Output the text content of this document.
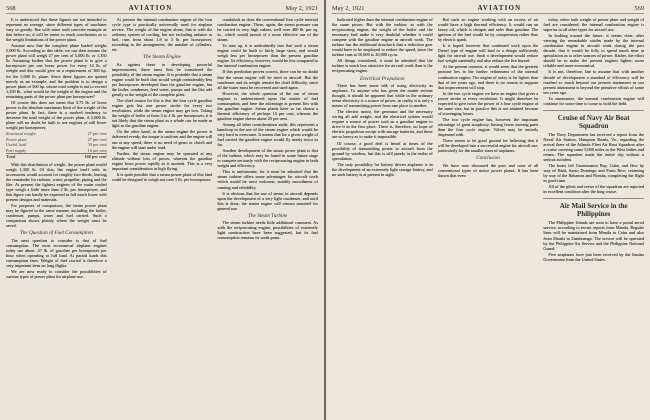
568	AVIATION	May 2, 1921

It is understood that these figures are not intended to represent an average, since different types of machines vary so greatly. But with some such concrete example as this before us, it will be easier to reach conclusions as to the weight limitations of the power plant.

Assume now that the complete plane loaded weighs 5,000 lb. According to this table, we can then assume the power plant will weigh 27 per cent of 5,000 lb. or 1,350 lb. Assuming further that the power plant is to give a horsepower per one horse power for every 14 lb. of weight and this would give us a requirement of 360 hp. for the 5,000 lb. plane. Since these figures are quoted merely as an example, and the problem is to design a power plant of 360 hp. whose total weight is not to exceed 1,350 lb., what would be the weight of the engine and the remaining parts of the power plant per horsepower?

Of course this does not mean that 3.75 lb. of horse power is the absolute maximum limit of the weight of the power plant. In fact, there is a marked tendency to decrease the total weight of the power plant. A 5,000 lb. plane will no doubt be built to use engines of still lower weight per horsepower.

Structural weight	27 per cent
Power plant	27 per cent
Useful load	30 per cent
Fuel supply	16 per cent
Total	100 per cent

With this distribution of weight, the power plant would weigh 1,350 lb. Of this, the engine itself with its accessories would account for roughly two-thirds, leaving the remainder for radiator, water, propeller, piping and the like. At present the lightest engines of the water cooled type weigh a little more than 2 lb. per horsepower, and this figure can hardly be expected to fall much lower with present designs and materials.

For purposes of comparison, the steam power plant may be figured in the same manner, including the boiler, condenser, pumps, water and fuel carried. Such a comparison shows plainly where the weight must be saved.

The Question of Fuel Consumption

The next question to consider is that of fuel consumption. The most economical airplane engines today use about .47 lb. of gasoline per horsepower per hour when operating at full load. At partial loads this consumption rises. Weight of fuel carried is therefore a very important item on long flights.

We are now ready to consider the possibilities of various types of power plant for airplane use.

At present the internal combustion engine of the four cycle type is practically universally used for airplane service. The weight of the engine alone, that is with the ordinary system of cooling, but not including radiator or fuel, runs from about 1.8 to 3 lb. per horsepower, according to the arrangement, the number of cylinders, etc.

The Steam Engine

As against these in developing powerful improvements, there must first be considered the possibility of the steam engine. It is probable that a steam engine could be built that would weigh considerably less per horsepower developed than the gasoline engine, but the boiler, condenser, feed water, pumps and the like add greatly to the weight of the complete plant.

The chief reason for this is that the four cycle gasoline engine gets but one power stroke for every two revolutions, while the steam engine may get two. Taking the weight of boiler at from 3 to 4 lb. per horsepower, it is not likely that the steam plant as a whole can be made as light as the gasoline engine.

On the other hand, in the steam engine the power is delivered evenly, the torque is uniform and the engine will run at any speed; there is no need of gears or clutch and the engine will start under load.

Further, the steam engine may be operated at any altitude without loss of power, whereas the gasoline engine loses power rapidly as it ascends. This is a very important consideration in high flying.

It is quite possible that a steam power plant of this kind could be designed to weigh not over 5 lb. per horsepower.

crankshaft as does the conventional four cycle internal combustion engine. There, again, the steam pressure can be carried to very high values, well over 400 lb. per sq. in., which would permit of a more effective use of the steam.

To sum up, it is undoubtedly true that such a steam engine could be built to fairly large sizes, and would weigh less per horsepower than the present gasoline engine. Its efficiency, however, would be low compared to the internal combustion engine.

If this prediction proves correct, there can be no doubt that the steam engine will be tried in aircraft. But the condenser and its weight remain the chief difficulty, since all the water must be recovered and used again.

However, the whole question of the use of steam engines is undetermined upon the matter of fuel consumption, and here the advantage at present lies with the gasoline engine. Steam plants have so far shown a thermal efficiency of perhaps 15 per cent, whereas the gasoline engine shows about 25 per cent.

Among all other considerations aside, this represents a handicap in the use of the steam engine which would be very hard to overcome. It means that for a given weight of fuel carried the gasoline engine would fly nearly twice as far.

Another development of the steam power plant is that of the turbine, which may be found in some future stage to compete seriously with the reciprocating engine in both weight and efficiency.

This is unfortunate, for it must be admitted that the steam turbine offers some advantages for aircraft work which would be most welcome, notably smoothness of running and reliability.

It is obvious that the use of steam in aircraft depends upon the development of a very light condenser, and until this is done, the steam engine will remain unsuited for general use.

The Steam Turbine

The steam turbine needs little additional comment. As with the reciprocating engine, possibilities of extremely light construction have been suggested, but its fuel consumption remains its weak point.

May 2, 1921	AVIATION	569

Indicated higher than the internal combustion engine of the same power. But with the turbine, as with the reciprocating engine, the weight of the boiler and the necessary fuel make it very doubtful whether it could compete with the gasoline engine in aircraft work. The turbine has the additional drawback that a reduction gear would have to be employed to reduce the speed, since the turbine runs at 10,000 to 20,000 r.p.m.

All things considered, it must be admitted that the turbine is much less attractive for aircraft work than is the reciprocating engine.

Electrical Propulsion

There has been some talk of using electricity in airplanes. To anyone who has given the matter serious thought, it should be apparent that while in the ordinary sense electricity is a source of power, in reality it is only a means of transmitting power from one place to another.

The electric motor, the generator and the necessary wiring all add weight, and the electrical system would require a source of power such as a gasoline engine to drive it in the first place. There is, therefore, no hope of electric propulsion except with storage batteries, and these are so heavy as to make it impossible.

Of course, a good deal is heard at times of the possibility of transmitting power to aircraft from the ground by wireless, but this is still purely in the realm of speculation.

The only possibility for battery driven airplanes is in the development of an extremely light storage battery, and no such battery is at present in sight.

But such an engine working with an excess of air would have a high thermal efficiency. It would run on heavy oil, which is cheaper and safer than gasoline. The ignition of the fuel would be by compression rather than by electric spark.

It is hoped however that continued work upon the Diesel type of engine will lead to a design sufficiently light for aircraft use. Such a development would reduce fuel weight materially and also reduce the fire hazard.

At the present moment, it would seem that the greatest promise lies in the further refinement of the internal combustion engine. The engine of today is far lighter than that of ten years ago, and there is no reason to suppose that improvement will stop.

In the two cycle engine we have an engine that gives a power stroke at every revolution. It might therefore be expected to give twice the power of a four cycle engine of the same size, but in practice this is not attained because of scavenging losses.

The two cycle engine has, however, the important advantage of great simplicity, having fewer moving parts than the four cycle engine. Valves may be entirely dispensed with.

There seems to be good ground for believing that it will be developed into a successful engine for aircraft use, particularly for the smaller sizes of airplanes.

Conclusion

We have now discussed the pros and cons of all conventional types of motor power plants. It has been shown that even

today, when both weight of power plant and weight of fuel are considered, the internal combustion engine is superior to all other types for aircraft use.

In looking toward the future, it seems clear, after viewing the remarkable strides made by the internal combustion engine in aircraft work during the past decade, that it would be folly to spend much time in speculation as to other sources of power. Rather, the effort should be to make the present engines lighter, more reliable and more economical.

It is not, therefore, fair to assume that with another decade of development a standard of efficiency will be reached so much beyond our present attainment as our present attainment is beyond the primitive efforts of some ten years ago.

To summarize, the internal combustion engine will continue for some time to come to hold the field.

Cruise of Navy Air Boat Squadron

The Navy Department has received a report from the Naval Air Station, Hampton Roads, Va., regarding the arrival there of the Atlantic Fleet Air Boat Squadron after a cruise covering some 5,000 miles to the West Indies and return. The squadron made the entire trip without a serious accident.

The boats left Guantanamo Bay, Cuba, and flew by way of Haiti, Santo Domingo and Porto Rico, returning by way of the Bahamas and Florida, completing the flight in good time.

All of the pilots and crews of the squadron are reported in excellent condition after the long cruise.

Air Mail Service in the Philippines

The Philippine Islands are soon to have a postal aerial service, according to recent reports from Manila. Regular lines will be maintained from Manila to Cebu and also from Manila to Zamboanga. The service will be operated by the Philippine Air Service and the Philippine National Guard.

Five seaplanes have just been received by the Insular Government from the United States.
